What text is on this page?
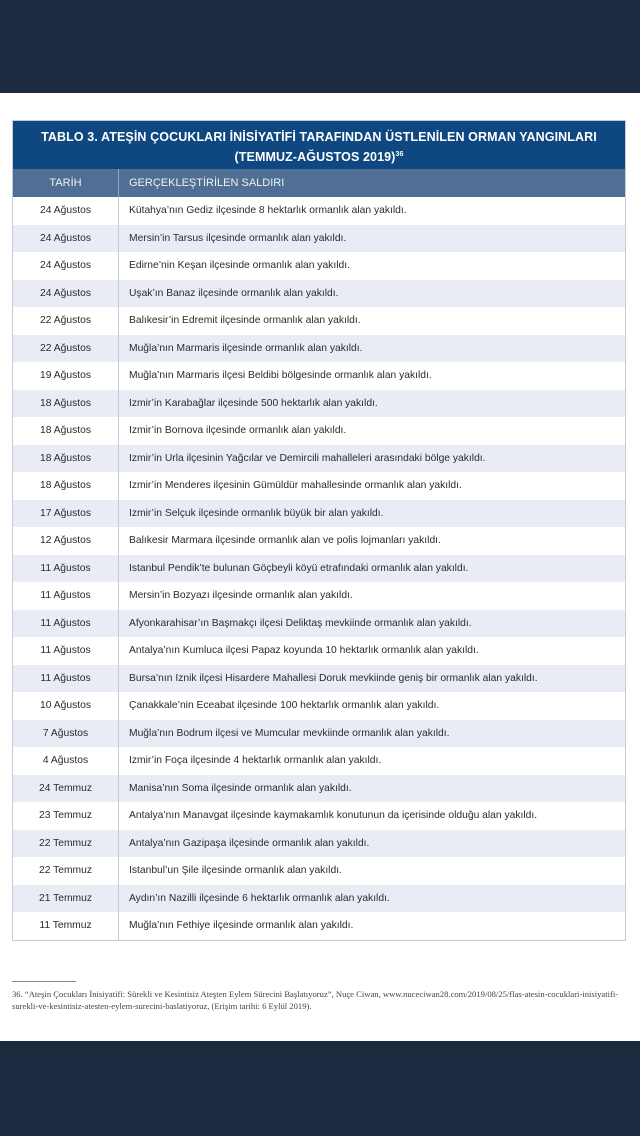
TABLO 3. ATEŞİN ÇOCUKLARI İNİSİYATİFİ TARAFINDAN ÜSTLENİLEN ORMAN YANGINLARI
(TEMMUZ-AĞUSTOS 2019)$^{36}$
TARİH	GERÇEKLEŞTİRİLEN SALDIRI
24 Ağustos	Kütahya’nın Gediz ilçesinde 8 hektarlık ormanlık alan yakıldı.
24 Ağustos	Mersin’in Tarsus ilçesinde ormanlık alan yakıldı.
24 Ağustos	Edirne’nin Keşan ilçesinde ormanlık alan yakıldı.
24 Ağustos	Uşak’ın Banaz ilçesinde ormanlık alan yakıldı.
22 Ağustos	Balıkesir’in Edremit ilçesinde ormanlık alan yakıldı.
22 Ağustos	Muğla’nın Marmaris ilçesinde ormanlık alan yakıldı.
19 Ağustos	Muğla’nın Marmaris ilçesi Beldibi bölgesinde ormanlık alan yakıldı.
18 Ağustos	İzmir’in Karabağlar ilçesinde 500 hektarlık alan yakıldı.
18 Ağustos	İzmir’in Bornova ilçesinde ormanlık alan yakıldı.
18 Ağustos	İzmir’in Urla ilçesinin Yağcılar ve Demircili mahalleleri arasındaki bölge yakıldı.
18 Ağustos	İzmir’in Menderes ilçesinin Gümüldür mahallesinde ormanlık alan yakıldı.
17 Ağustos	İzmir’in Selçuk ilçesinde ormanlık büyük bir alan yakıldı.
12 Ağustos	Balıkesir Marmara ilçesinde ormanlık alan ve polis lojmanları yakıldı.
11 Ağustos	İstanbul Pendik’te bulunan Göçbeyli köyü etrafındaki ormanlık alan yakıldı.
11 Ağustos	Mersin’in Bozyazı ilçesinde ormanlık alan yakıldı.
11 Ağustos	Afyonkarahisar’ın Başmakçı ilçesi Deliktaş mevkiinde ormanlık alan yakıldı.
11 Ağustos	Antalya’nın Kumluca ilçesi Papaz koyunda 10 hektarlık ormanlık alan yakıldı.
11 Ağustos	Bursa’nın İznik ilçesi Hisardere Mahallesi Doruk mevkiinde geniş bir ormanlık alan yakıldı.
10 Ağustos	Çanakkale’nin Eceabat ilçesinde 100 hektarlık ormanlık alan yakıldı.
7 Ağustos	Muğla’nın Bodrum ilçesi ve Mumcular mevkiinde ormanlık alan yakıldı.
4 Ağustos	İzmir’in Foça ilçesinde 4 hektarlık ormanlık alan yakıldı.
24 Temmuz	Manisa’nın Soma ilçesinde ormanlık alan yakıldı.
23 Temmuz	Antalya’nın Manavgat ilçesinde kaymakamlık konutunun da içerisinde olduğu alan yakıldı.
22 Temmuz	Antalya’nın Gazipaşa ilçesinde ormanlık alan yakıldı.
22 Temmuz	İstanbul’un Şile ilçesinde ormanlık alan yakıldı.
21 Temmuz	Aydın’ın Nazilli ilçesinde 6 hektarlık ormanlık alan yakıldı.
11 Temmuz	Muğla’nın Fethiye ilçesinde ormanlık alan yakıldı.
36. “Ateşin Çocukları İnisiyatifi: Sürekli ve Kesintisiz Ateşten Eylem Sürecini Başlatıyoruz”, Nuçe Ciwan, www.nuceciwan28.com/2019/08/25/flas-atesin-cocuklari-inisiyatifi-surekli-ve-kesintisiz-atesten-eylem-surecini-baslatiyoruz, (Erişim tarihi: 6 Eylül 2019).
